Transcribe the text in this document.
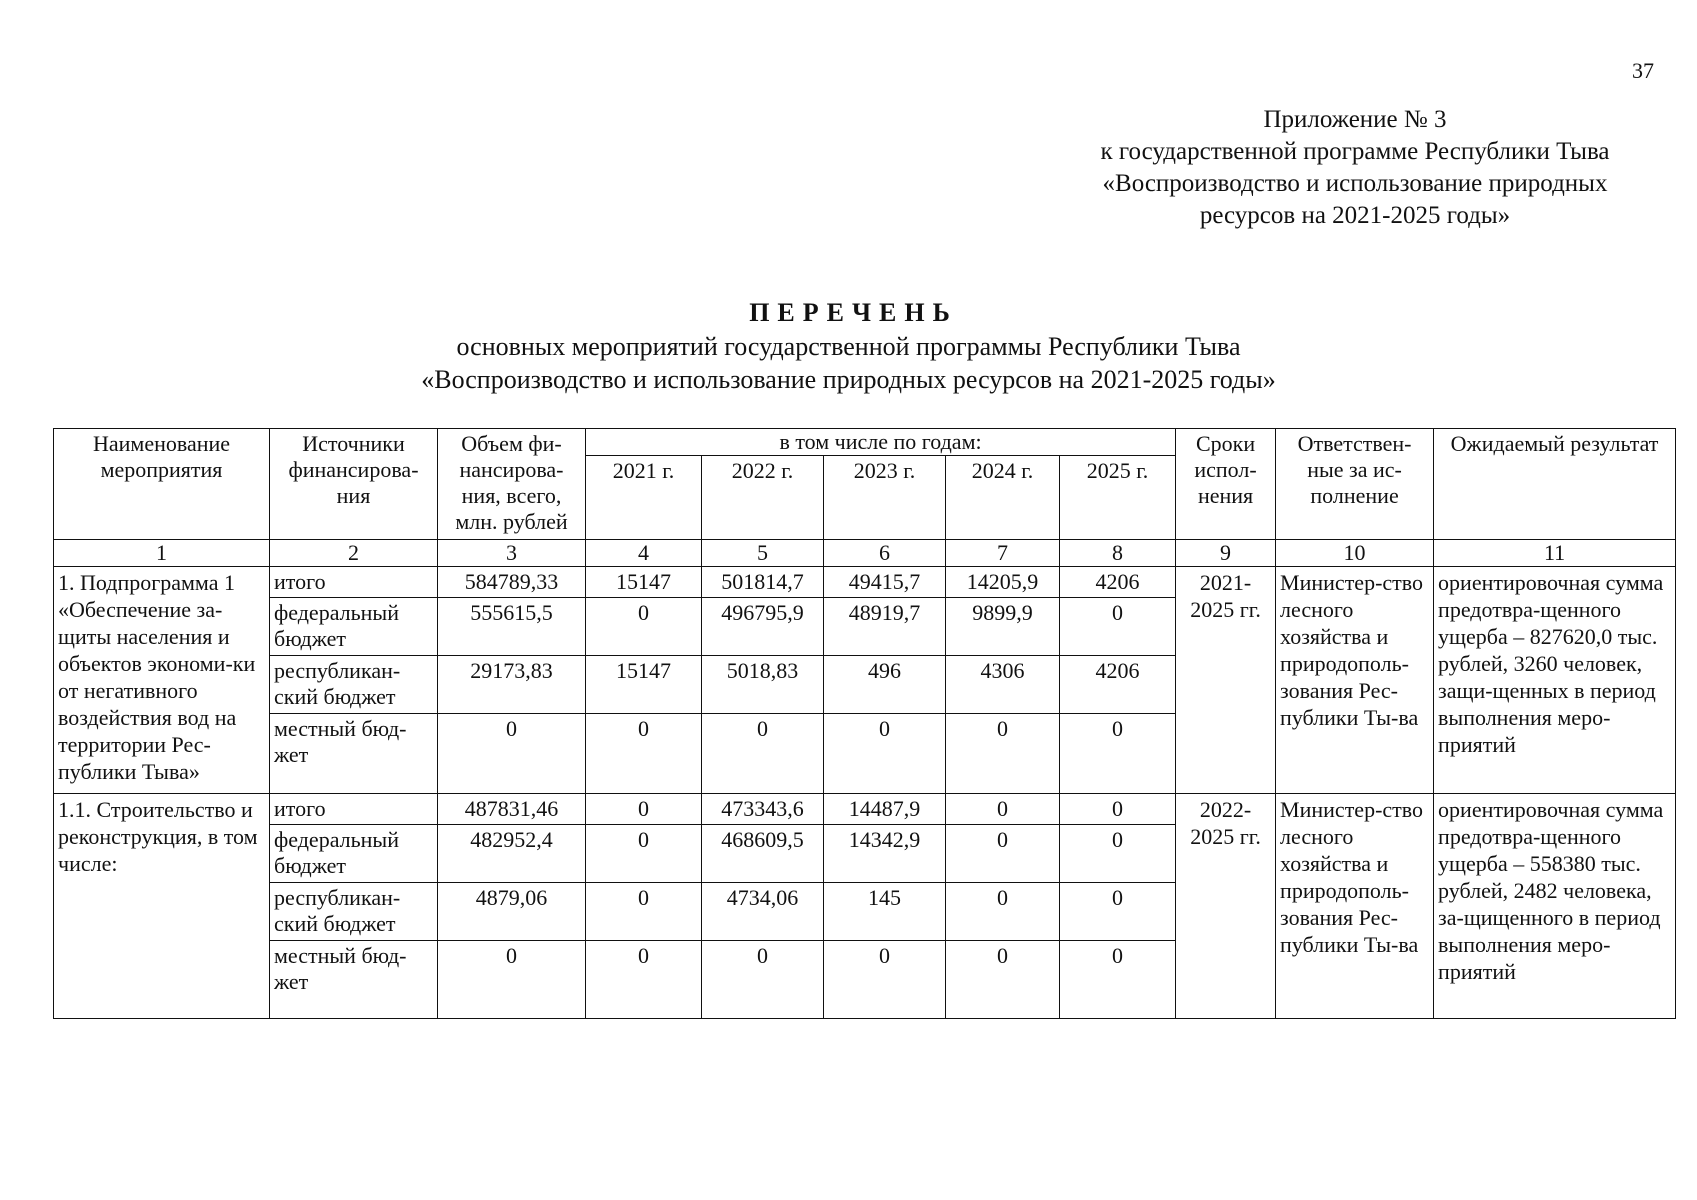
37
Приложение № 3
к государственной программе Республики Тыва
«Воспроизводство и использование природных
ресурсов на 2021-2025 годы»
ПЕРЕЧЕНЬ
основных мероприятий государственной программы Республики Тыва
«Воспроизводство и использование природных ресурсов на 2021-2025 годы»
Наименование мероприятия	Источники финансирова-ния	Объем фи-нансирова-ния, всего, млн. рублей	в том числе по годам:					Сроки испол-нения	Ответствен-ные за ис-полнение	Ожидаемый результат
			2021 г.	2022 г.	2023 г.	2024 г.	2025 г.			
1	2	3	4	5	6	7	8	9	10	11
1. Подпрограмма 1 «Обеспечение за-щиты населения и объектов экономи-ки от негативного воздействия вод на территории Рес-публики Тыва»	итого	584789,33	15147	501814,7	49415,7	14205,9	4206	2021-2025 гг.	Министер-ство лесного хозяйства и природополь-зования Рес-публики Ты-ва	ориентировочная сумма предотвра-щенного ущерба – 827620,0 тыс. рублей, 3260 человек, защи-щенных в период выполнения меро-приятий
	федеральный бюджет	555615,5	0	496795,9	48919,7	9899,9	0			
	республикан-ский бюджет	29173,83	15147	5018,83	496	4306	4206			
	местный бюд-жет	0	0	0	0	0	0			
1.1. Строительство и реконструкция, в том числе:	итого	487831,46	0	473343,6	14487,9	0	0	2022-2025 гг.	Министер-ство лесного хозяйства и природополь-зования Рес-публики Ты-ва	ориентировочная сумма предотвра-щенного ущерба – 558380 тыс. рублей, 2482 человека, за-щищенного в период выполнения меро-приятий
	федеральный бюджет	482952,4	0	468609,5	14342,9	0	0			
	республикан-ский бюджет	4879,06	0	4734,06	145	0	0			
	местный бюд-жет	0	0	0	0	0	0			
